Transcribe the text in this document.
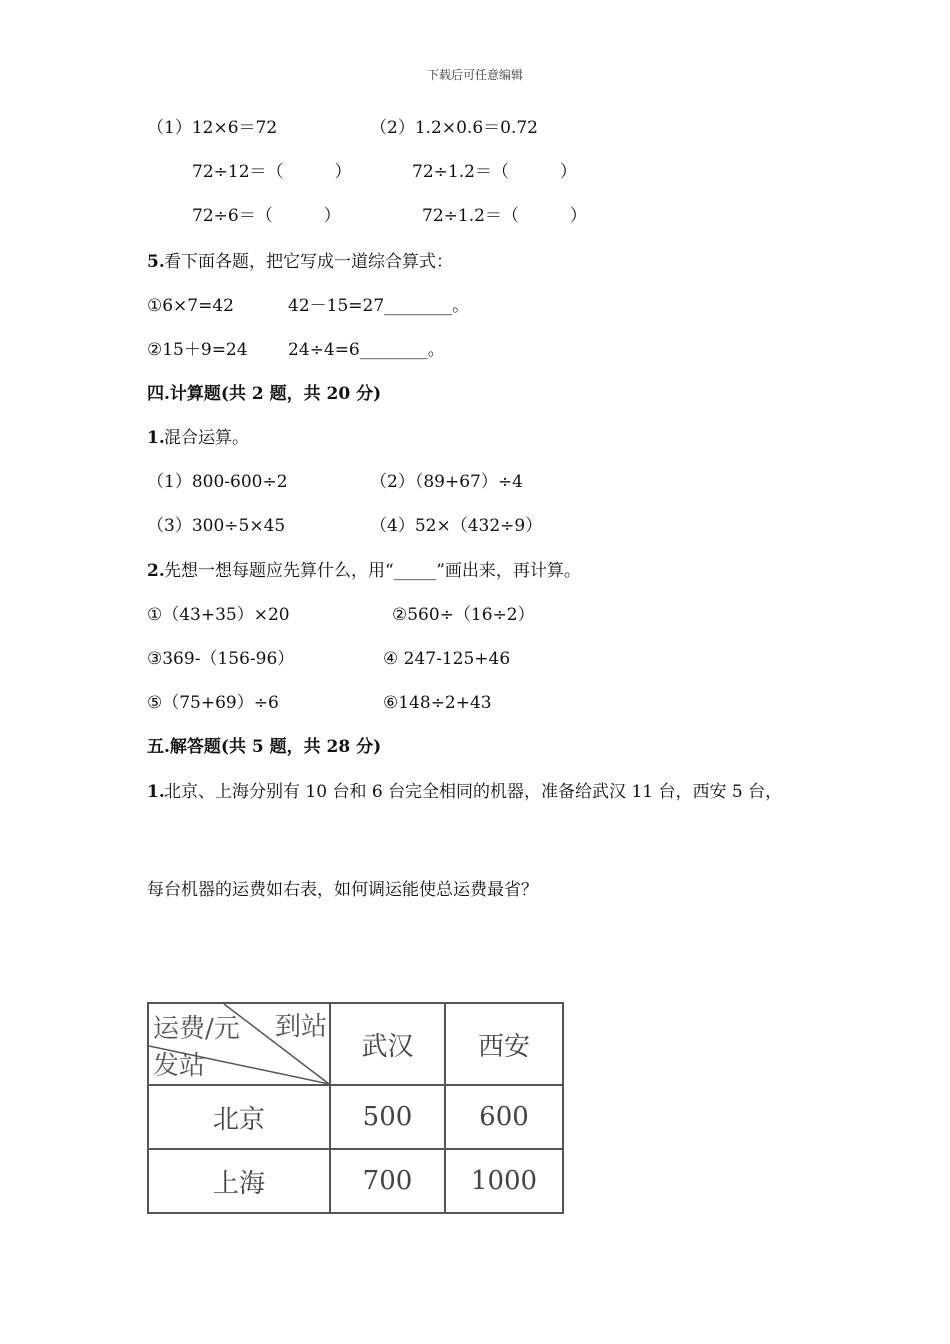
下载后可任意编辑
（1）12×6＝72	（2）1.2×0.6＝0.72
72÷12＝（　　　）	72÷1.2＝（　　　）
72÷6＝（　　　）	72÷1.2＝（　　　）
5. 看下面各题，把它写成一道综合算式：
①6×7=42	42－15=27________。
②15＋9=24 24÷4=6________。
四.计算题(共 2 题，共 20 分)
1. 混合运算。
（1）800-600÷2	（2）（89+67）÷4
（3）300÷5×45	（4）52×（432÷9）
2. 先想一想每题应先算什么，用“_____”画出来，再计算。
①（43+35）×20	②560÷（16÷2）
③369-（156-96）	④ 247-125+46
⑤（75+69）÷6	⑥148÷2+43
五.解答题(共 5 题，共 28 分)
1. 北京、上海分别有 10 台和 6 台完全相同的机器，准备给武汉 11 台，西安 5 台，
每台机器的运费如右表，如何调运能使总运费最省？
运费/元 到站
发站	武汉	西安
北京	500	600
上海	700	1000
